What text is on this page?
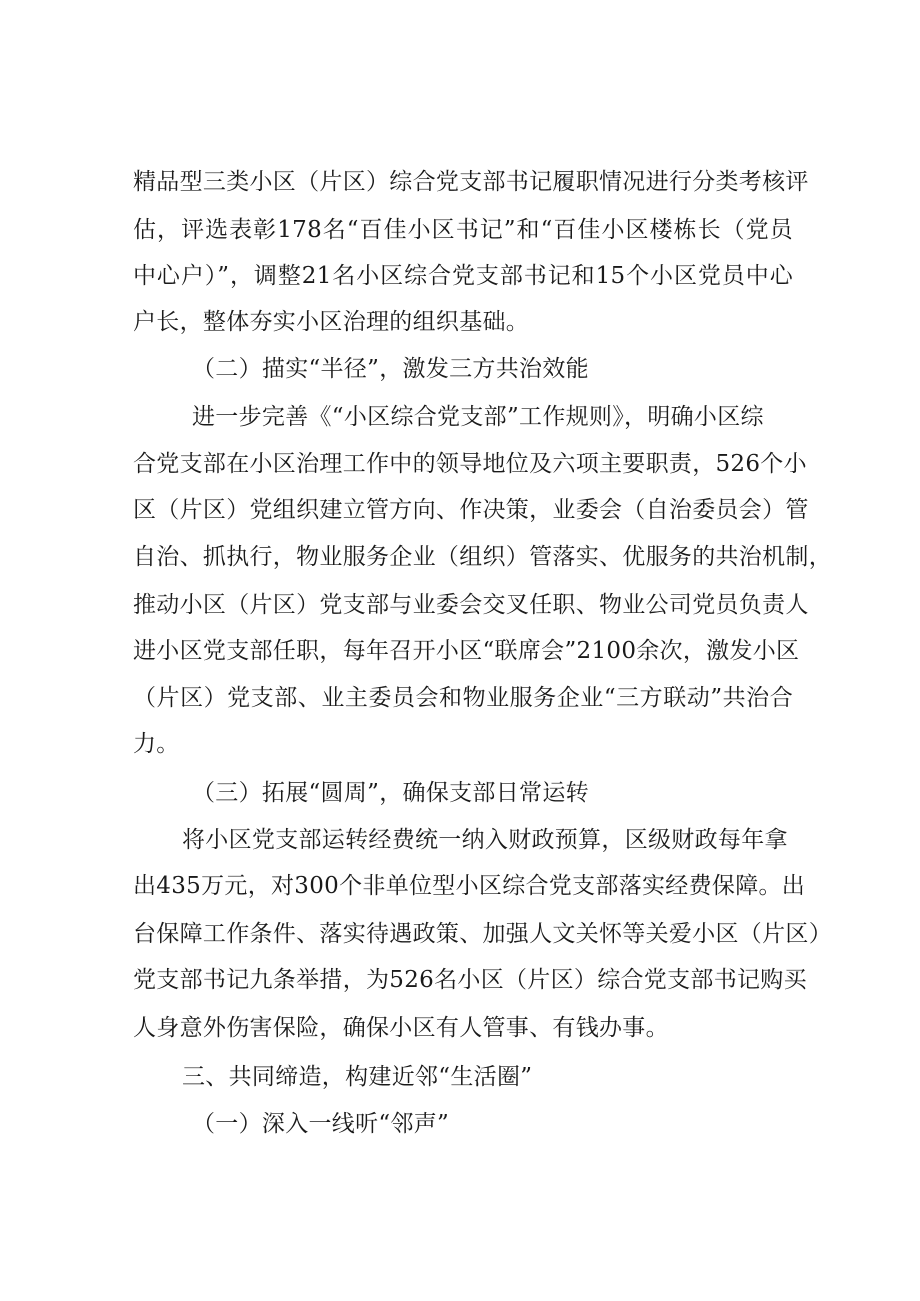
精品型三类小区（片区）综合党支部书记履职情况进行分类考核评
估，评选表彰178名“百佳小区书记”和“百佳小区楼栋长（党员
中心户）”，调整21名小区综合党支部书记和15个小区党员中心
户长，整体夯实小区治理的组织基础。
（二）描实“半径”，激发三方共治效能
进一步完善《“小区综合党支部”工作规则》，明确小区综
合党支部在小区治理工作中的领导地位及六项主要职责，526个小
区（片区）党组织建立管方向、作决策，业委会（自治委员会）管
自治、抓执行，物业服务企业（组织）管落实、优服务的共治机制，
推动小区（片区）党支部与业委会交叉任职、物业公司党员负责人
进小区党支部任职，每年召开小区“联席会”2100余次，激发小区
（片区）党支部、业主委员会和物业服务企业“三方联动”共治合
力。
（三）拓展“圆周”，确保支部日常运转
将小区党支部运转经费统一纳入财政预算，区级财政每年拿
出435万元，对300个非单位型小区综合党支部落实经费保障。出
台保障工作条件、落实待遇政策、加强人文关怀等关爱小区（片区）
党支部书记九条举措，为526名小区（片区）综合党支部书记购买
人身意外伤害保险，确保小区有人管事、有钱办事。
三、共同缔造，构建近邻“生活圈”
（一）深入一线听“邻声”
